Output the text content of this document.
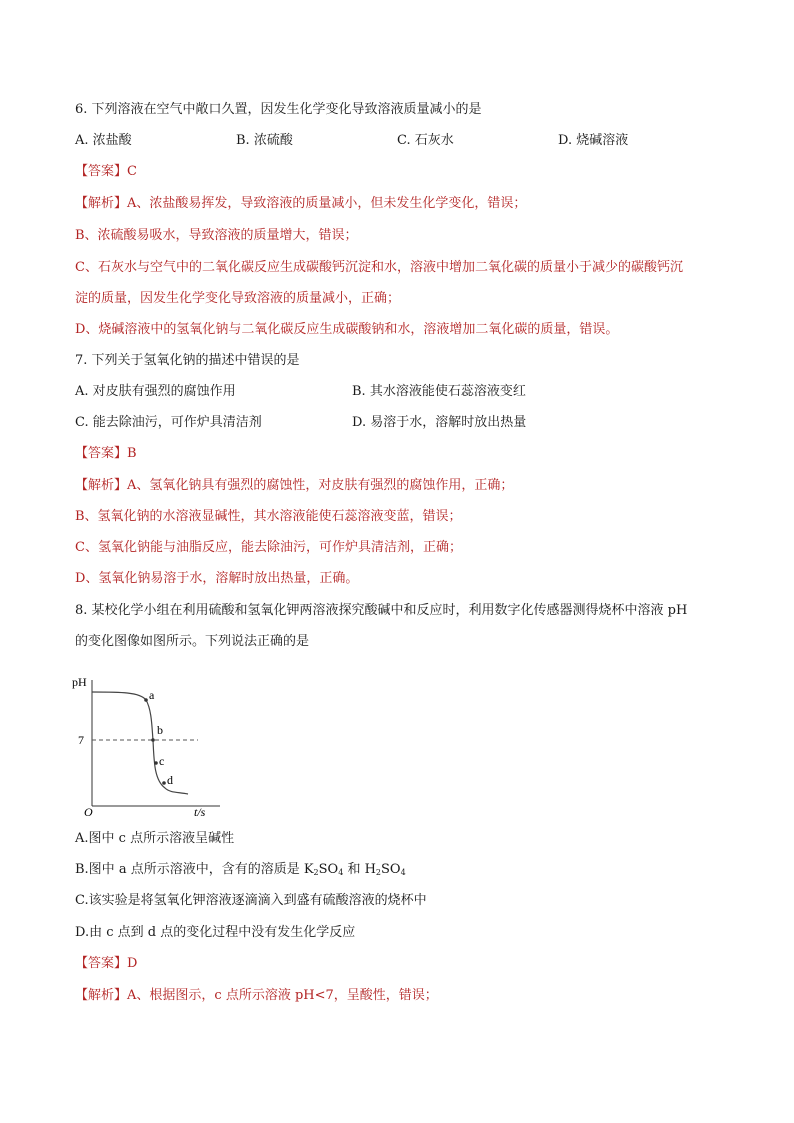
6. 下列溶液在空气中敞口久置，因发生化学变化导致溶液质量减小的是
A. 浓盐酸	B. 浓硫酸	C. 石灰水	D. 烧碱溶液
【答案】C
【解析】A、浓盐酸易挥发，导致溶液的质量减小，但未发生化学变化，错误；
B、浓硫酸易吸水，导致溶液的质量增大，错误；
C、石灰水与空气中的二氧化碳反应生成碳酸钙沉淀和水，溶液中增加二氧化碳的质量小于减少的碳酸钙沉
淀的质量，因发生化学变化导致溶液的质量减小，正确；
D、烧碱溶液中的氢氧化钠与二氧化碳反应生成碳酸钠和水，溶液增加二氧化碳的质量，错误。
7. 下列关于氢氧化钠的描述中错误的是
A. 对皮肤有强烈的腐蚀作用	B. 其水溶液能使石蕊溶液变红
C. 能去除油污，可作炉具清洁剂	D. 易溶于水，溶解时放出热量
【答案】B
【解析】A、氢氧化钠具有强烈的腐蚀性，对皮肤有强烈的腐蚀作用，正确；
B、氢氧化钠的水溶液显碱性，其水溶液能使石蕊溶液变蓝，错误；
C、氢氧化钠能与油脂反应，能去除油污，可作炉具清洁剂，正确；
D、氢氧化钠易溶于水，溶解时放出热量，正确。
8. 某校化学小组在利用硫酸和氢氧化钾两溶液探究酸碱中和反应时，利用数字化传感器测得烧杯中溶液 pH
的变化图像如图所示。下列说法正确的是
pH
7
O	t/s
a
b
c
d
A.图中 c 点所示溶液呈碱性
B.图中 a 点所示溶液中，含有的溶质是 $K_2SO_4$ 和 $H_2SO_4$
C.该实验是将氢氧化钾溶液逐滴滴入到盛有硫酸溶液的烧杯中
D.由 c 点到 d 点的变化过程中没有发生化学反应
【答案】D
【解析】A、根据图示，c 点所示溶液 pH<7，呈酸性，错误；
